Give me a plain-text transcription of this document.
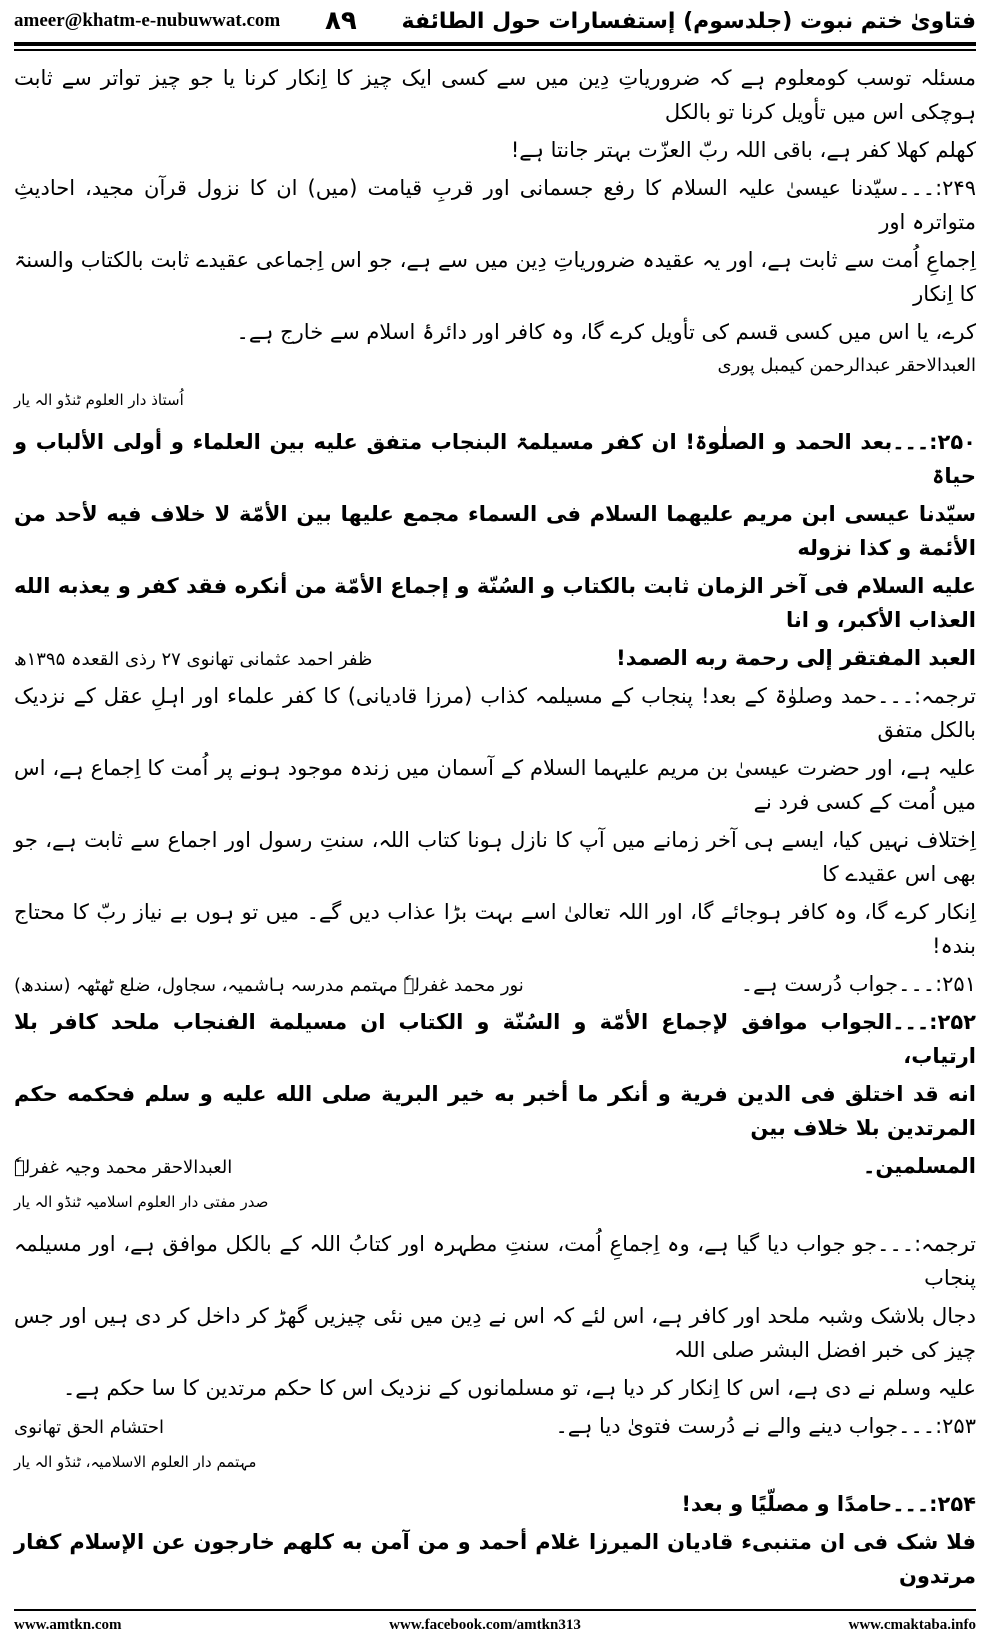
فتاویٰ ختم نبوت (جلدسوم) إستفسارات حول الطائفة
۸۹
ameer@khatm-e-nubuwwat.com
مسئلہ توسب کومعلوم ہے کہ ضروریاتِ دِین میں سے کسی ایک چیز کا اِنکار کرنا یا جو چیز تواتر سے ثابت ہوچکی اس میں تأویل کرنا تو بالکل
کھلم کھلا کفر ہے، باقی اللہ ربّ العزّت بہتر جانتا ہے!
۲۴۹:۔۔۔سیّدنا عیسیٰ علیہ السلام کا رفع جسمانی اور قربِ قیامت (میں) ان کا نزول قرآن مجید، احادیثِ متواترہ اور
اِجماعِ اُمت سے ثابت ہے، اور یہ عقیدہ ضروریاتِ دِین میں سے ہے، جو اس اِجماعی عقیدے ثابت بالکتاب والسنۃ کا اِنکار
کرے، یا اس میں کسی قسم کی تأویل کرے گا، وہ کافر اور دائرۂ اسلام سے خارج ہے۔
العبدالاحقر عبدالرحمن کیمبل پوری
اُستاذ دار العلوم ٹنڈو الہ یار
۲۵۰:۔۔۔بعد الحمد و الصلٰوۃ! ان کفر مسیلمۃ البنجاب متفق علیه بین العلماء و أولی الألباب و حیاۃ
سیّدنا عیسی ابن مریم علیهما السلام فی السماء مجمع علیها بین الأمّة لا خلاف فیه لأحد من الأئمة و کذا نزوله
علیه السلام فی آخر الزمان ثابت بالکتاب و السُنّة و إجماع الأمّة من أنکره فقد کفر و یعذبه الله العذاب الأکبر، و انا
العبد المفتقر إلی رحمة ربه الصمد!
ظفر احمد عثمانی تھانوی ۲۷ رذی القعدہ ۱۳۹۵ھ
ترجمہ:۔۔۔حمد وصلوٰۃ کے بعد! پنجاب کے مسیلمہ کذاب (مرزا قادیانی) کا کفر علماء اور اہلِ عقل کے نزدیک بالکل متفق
علیہ ہے، اور حضرت عیسیٰ بن مریم علیہما السلام کے آسمان میں زندہ موجود ہونے پر اُمت کا اِجماع ہے، اس میں اُمت کے کسی فرد نے
اِختلاف نہیں کیا، ایسے ہی آخر زمانے میں آپ کا نازل ہونا کتاب اللہ، سنتِ رسول اور اجماع سے ثابت ہے، جو بھی اس عقیدے کا
اِنکار کرے گا، وہ کافر ہوجائے گا، اور اللہ تعالیٰ اسے بہت بڑا عذاب دیں گے۔ میں تو ہوں بے نیاز ربّ کا محتاج بندہ!
۲۵۱:۔۔۔جواب دُرست ہے۔
نور محمد غفرلہٗ مہتمم مدرسہ ہاشمیہ، سجاول، ضلع ٹھٹھہ (سندھ)
۲۵۲:۔۔۔الجواب موافق لإجماع الأمّة و السُنّة و الکتاب ان مسیلمة الفنجاب ملحد کافر بلا ارتیاب،
انه قد اختلق فی الدین فریة و أنکر ما أخبر به خیر البریة صلی الله علیه و سلم فحکمه حکم المرتدین بلا خلاف بین
المسلمین۔
العبدالاحقر محمد وجیہ غفرلہٗ
صدر مفتی دار العلوم اسلامیہ ٹنڈو الہ یار
ترجمہ:۔۔۔جو جواب دیا گیا ہے، وہ اِجماعِ اُمت، سنتِ مطہرہ اور کتابُ اللہ کے بالکل موافق ہے، اور مسیلمہ پنجاب
دجال بلاشک وشبہ ملحد اور کافر ہے، اس لئے کہ اس نے دِین میں نئی چیزیں گھڑ کر داخل کر دی ہیں اور جس چیز کی خبر افضل البشر صلی اللہ
علیہ وسلم نے دی ہے، اس کا اِنکار کر دیا ہے، تو مسلمانوں کے نزدیک اس کا حکم مرتدین کا سا حکم ہے۔
۲۵۳:۔۔۔جواب دینے والے نے دُرست فتویٰ دیا ہے۔
احتشام الحق تھانوی
مہتمم دار العلوم الاسلامیہ، ٹنڈو الہ یار
۲۵۴:۔۔۔حامدًا و مصلّیًا و بعد!
فلا شک فی ان متنبیء قادیان المیرزا غلام أحمد و من آمن به کلهم خارجون عن الإسلام کفار مرتدون
www.amtkn.com	www.facebook.com/amtkn313	www.cmaktaba.info
